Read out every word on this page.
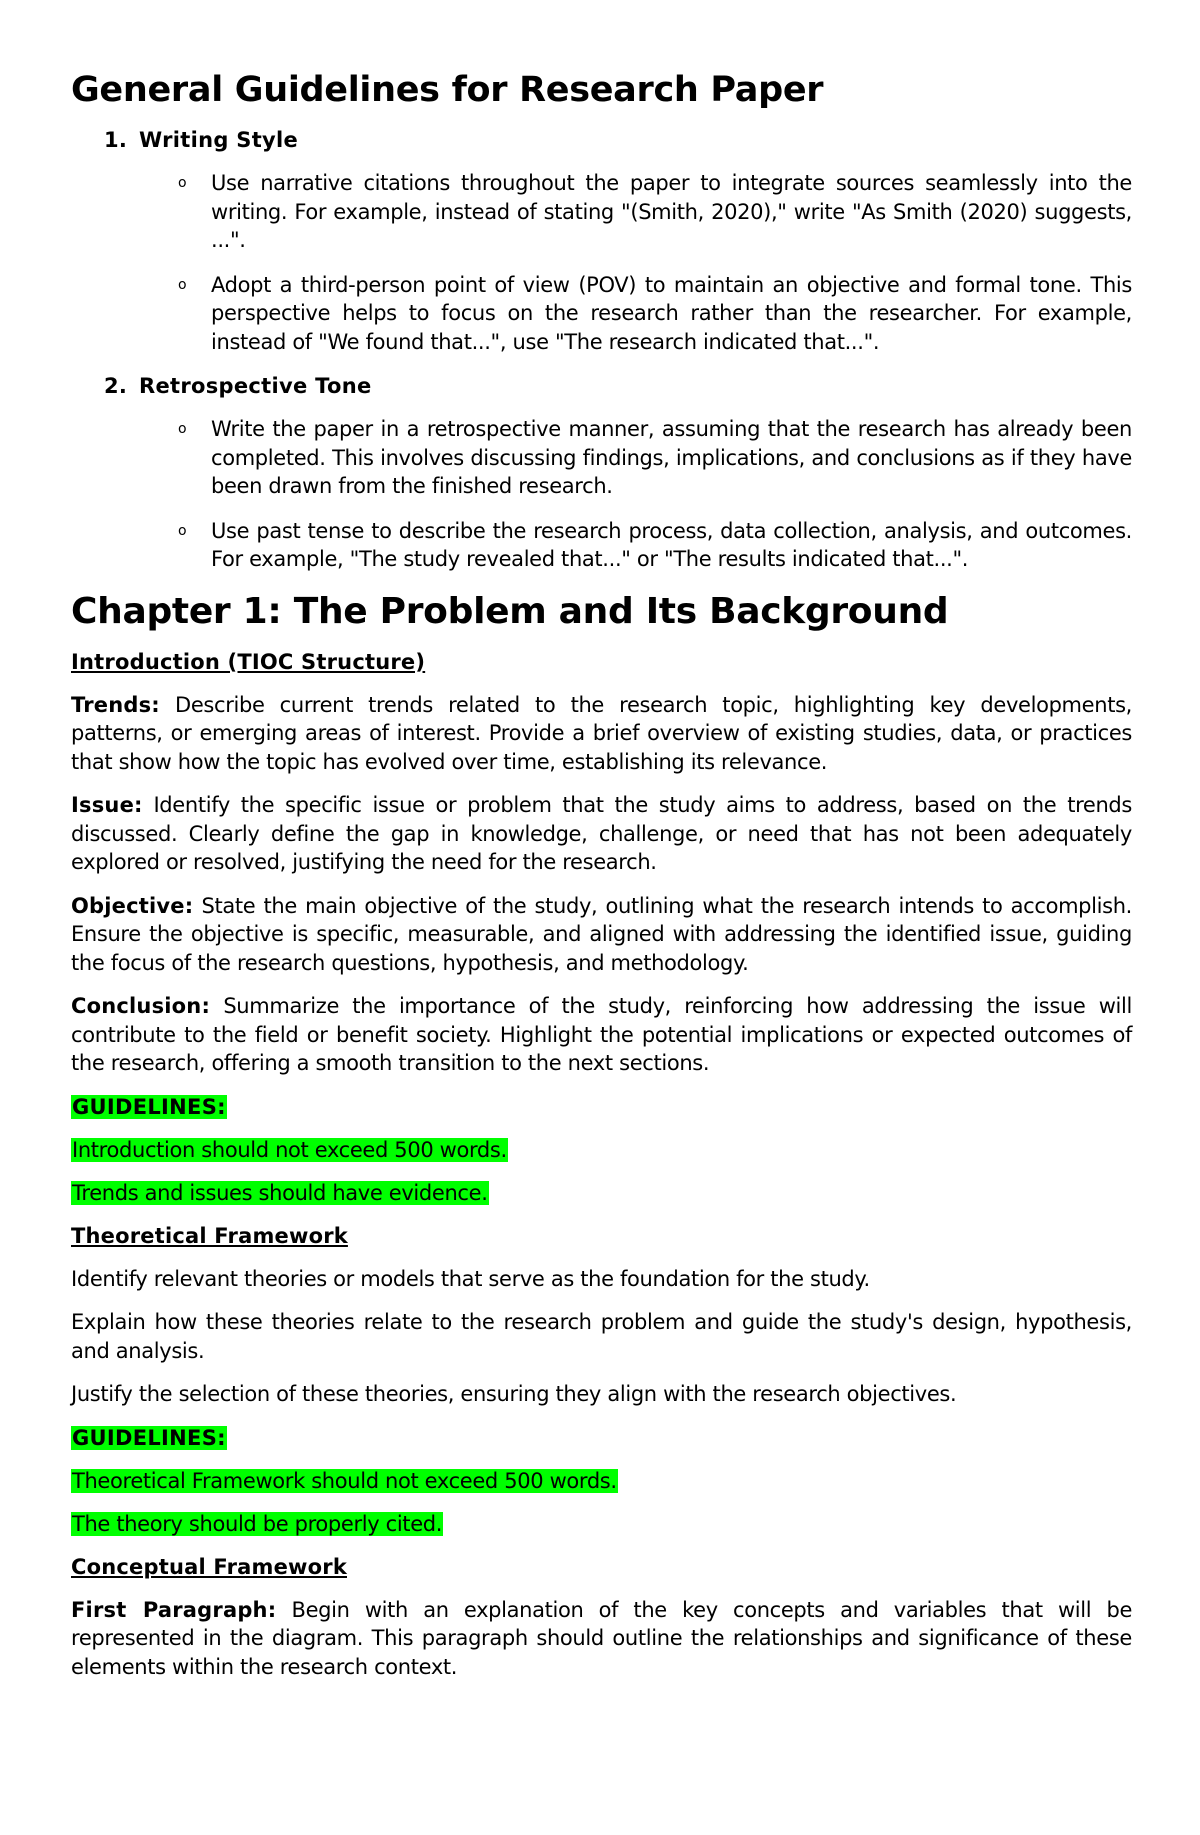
General Guidelines for Research Paper
1. Writing Style
o	Use narrative citations throughout the paper to integrate sources seamlessly into the writing. For example, instead of stating "(Smith, 2020)," write "As Smith (2020) suggests, ...".
o	Adopt a third-person point of view (POV) to maintain an objective and formal tone. This perspective helps to focus on the research rather than the researcher. For example, instead of "We found that...", use "The research indicated that...".
2. Retrospective Tone
o	Write the paper in a retrospective manner, assuming that the research has already been completed. This involves discussing findings, implications, and conclusions as if they have been drawn from the finished research.
o	Use past tense to describe the research process, data collection, analysis, and outcomes. For example, "The study revealed that..." or "The results indicated that...".
Chapter 1: The Problem and Its Background
Introduction (TIOC Structure)
Trends: Describe current trends related to the research topic, highlighting key developments, patterns, or emerging areas of interest. Provide a brief overview of existing studies, data, or practices that show how the topic has evolved over time, establishing its relevance.
Issue: Identify the specific issue or problem that the study aims to address, based on the trends discussed. Clearly define the gap in knowledge, challenge, or need that has not been adequately explored or resolved, justifying the need for the research.
Objective: State the main objective of the study, outlining what the research intends to accomplish. Ensure the objective is specific, measurable, and aligned with addressing the identified issue, guiding the focus of the research questions, hypothesis, and methodology.
Conclusion: Summarize the importance of the study, reinforcing how addressing the issue will contribute to the field or benefit society. Highlight the potential implications or expected outcomes of the research, offering a smooth transition to the next sections.
GUIDELINES:
Introduction should not exceed 500 words.
Trends and issues should have evidence.
Theoretical Framework
Identify relevant theories or models that serve as the foundation for the study.
Explain how these theories relate to the research problem and guide the study's design, hypothesis, and analysis.
Justify the selection of these theories, ensuring they align with the research objectives.
GUIDELINES:
Theoretical Framework should not exceed 500 words.
The theory should be properly cited.
Conceptual Framework
First Paragraph: Begin with an explanation of the key concepts and variables that will be represented in the diagram. This paragraph should outline the relationships and significance of these elements within the research context.
